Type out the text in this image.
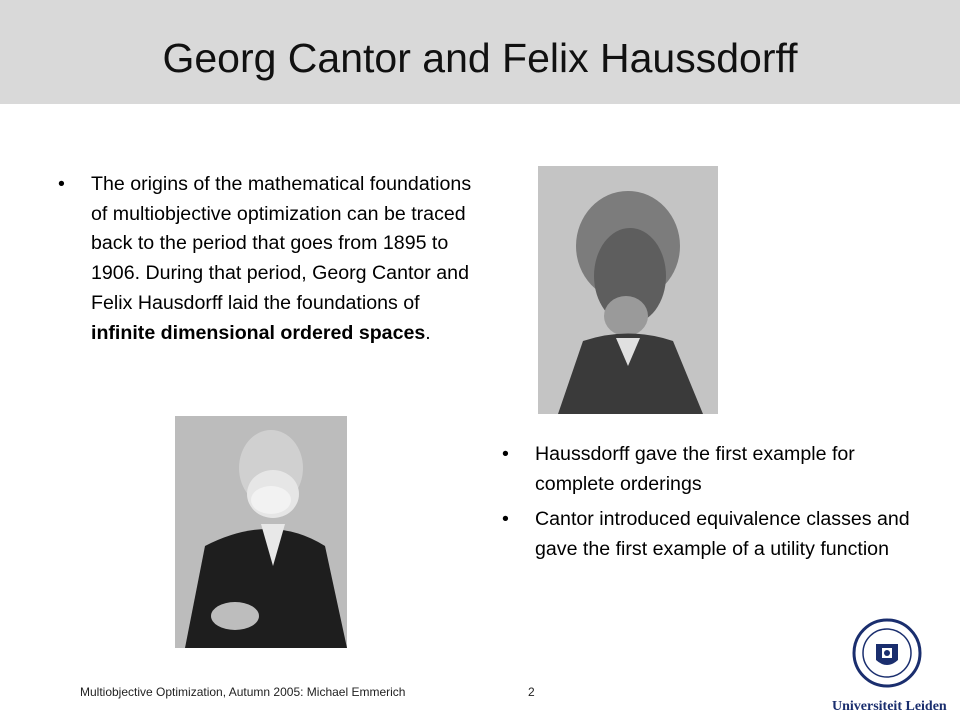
Georg Cantor and Felix Haussdorff
• The origins of the mathematical foundations of multiobjective optimization can be traced back to the period that goes from 1895 to 1906. During that period, Georg Cantor and Felix Hausdorff laid the foundations of infinite dimensional ordered spaces.
• Haussdorff gave the first example for complete orderings
• Cantor introduced equivalence classes and gave the first example of a utility function
Multiobjective Optimization, Autumn 2005: Michael Emmerich	2
Universiteit Leiden
